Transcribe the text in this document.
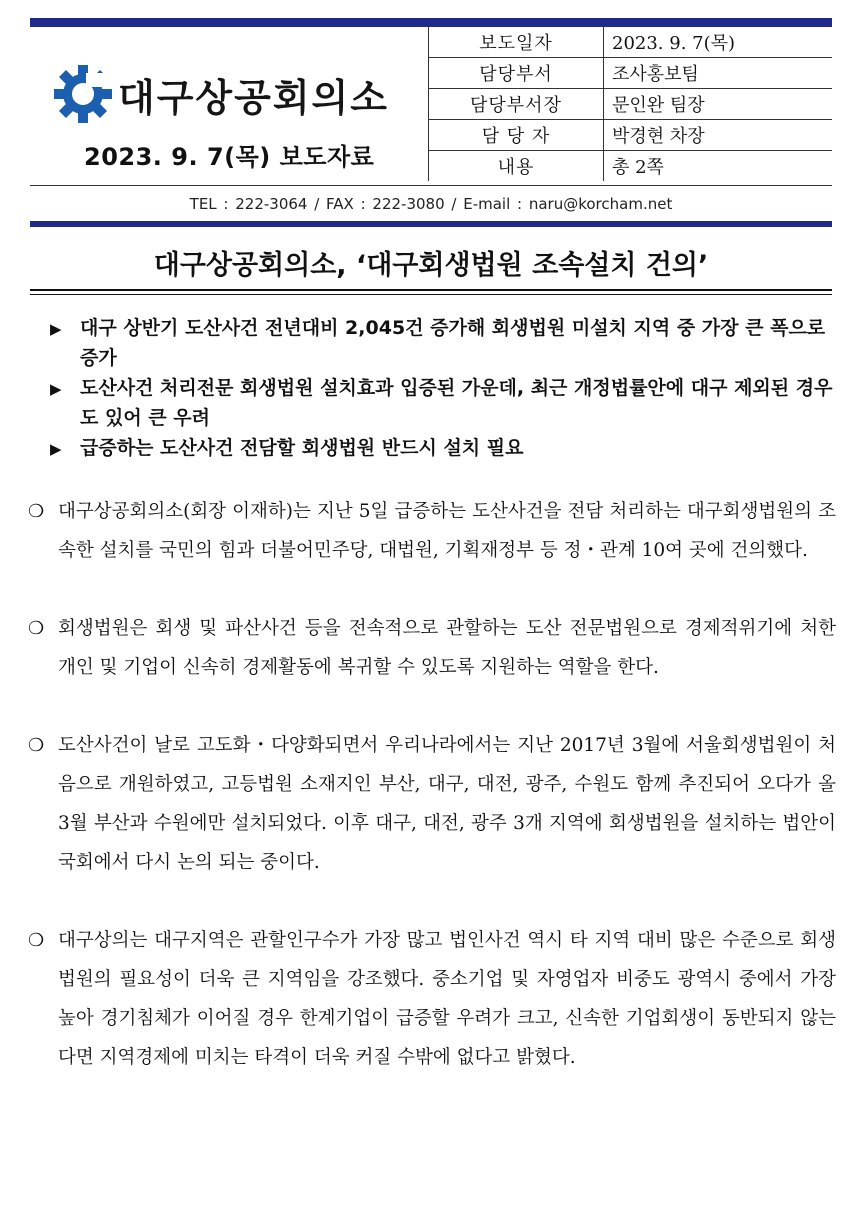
대구상공회의소
2023. 9. 7(목) 보도자료
보도일자	2023. 9. 7(목)
담당부서	조사홍보팀
담당부서장	문인완 팀장
담 당 자	박경현 차장
내용	총 2쪽
TEL : 222-3064 / FAX : 222-3080 / E-mail : naru@korcham.net
대구상공회의소, ‘대구회생법원 조속설치 건의’
▶ 대구 상반기 도산사건 전년대비 2,045건 증가해 회생법원 미설치 지역 중 가장 큰 폭으로 증가
▶ 도산사건 처리전문 회생법원 설치효과 입증된 가운데, 최근 개정법률안에 대구 제외된 경우도 있어 큰 우려
▶ 급증하는 도산사건 전담할 회생법원 반드시 설치 필요
❍ 대구상공회의소(회장 이재하)는 지난 5일 급증하는 도산사건을 전담 처리하는 대구회생법원의 조속한 설치를 국민의 힘과 더불어민주당, 대법원, 기획재정부 등 정・관계 10여 곳에 건의했다.
❍ 회생법원은 회생 및 파산사건 등을 전속적으로 관할하는 도산 전문법원으로 경제적위기에 처한 개인 및 기업이 신속히 경제활동에 복귀할 수 있도록 지원하는 역할을 한다.
❍ 도산사건이 날로 고도화・다양화되면서 우리나라에서는 지난 2017년 3월에 서울회생법원이 처음으로 개원하였고, 고등법원 소재지인 부산, 대구, 대전, 광주, 수원도 함께 추진되어 오다가 올 3월 부산과 수원에만 설치되었다. 이후 대구, 대전, 광주 3개 지역에 회생법원을 설치하는 법안이 국회에서 다시 논의 되는 중이다.
❍ 대구상의는 대구지역은 관할인구수가 가장 많고 법인사건 역시 타 지역 대비 많은 수준으로 회생법원의 필요성이 더욱 큰 지역임을 강조했다. 중소기업 및 자영업자 비중도 광역시 중에서 가장 높아 경기침체가 이어질 경우 한계기업이 급증할 우려가 크고, 신속한 기업회생이 동반되지 않는다면 지역경제에 미치는 타격이 더욱 커질 수밖에 없다고 밝혔다.
